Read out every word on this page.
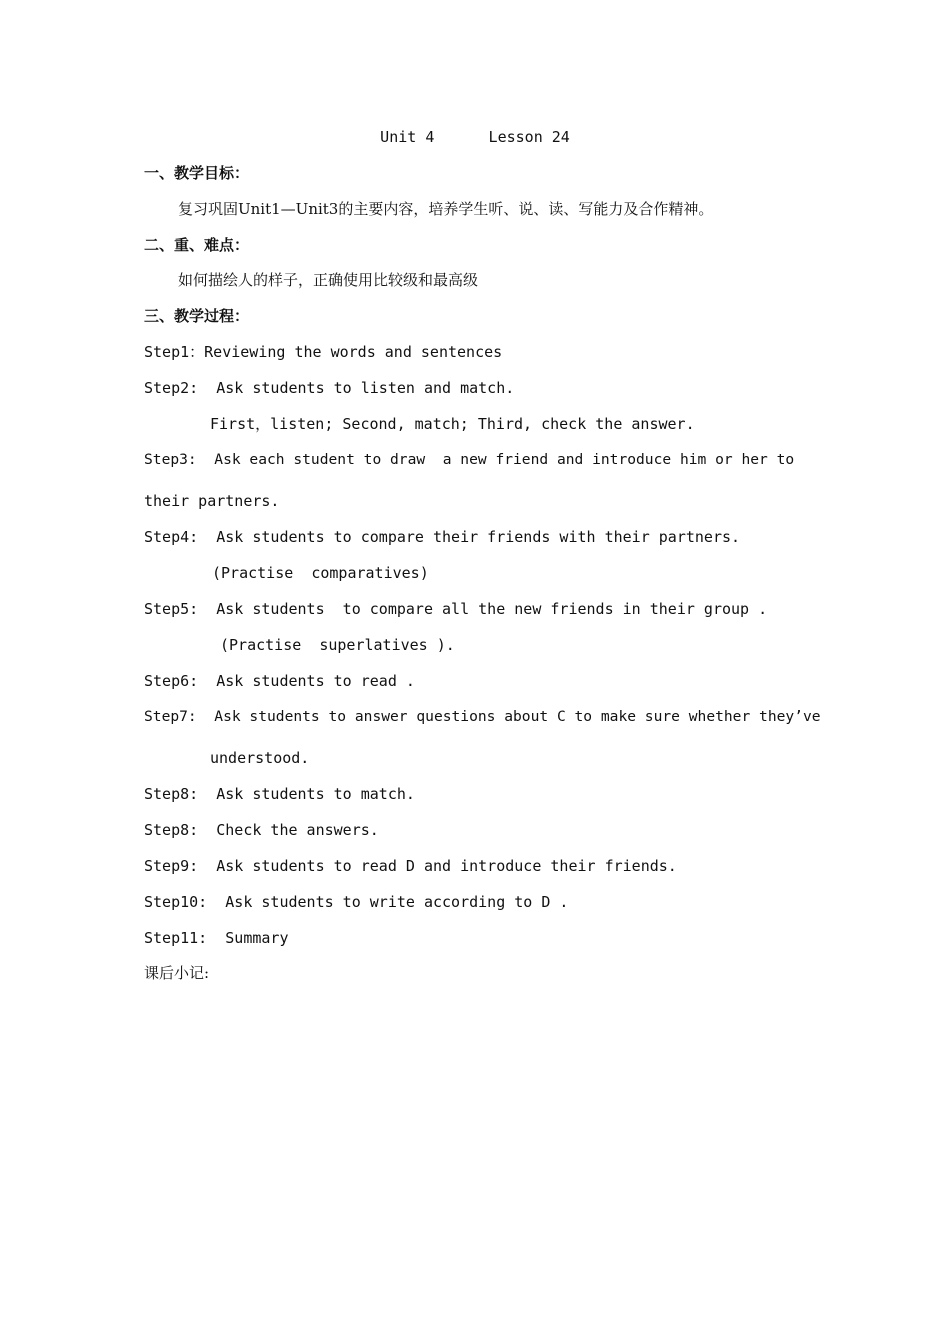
Unit 4      Lesson 24
一、教学目标：
复习巩固Unit1—Unit3的主要内容，培养学生听、说、读、写能力及合作精神。
二、重、难点：
如何描绘人的样子，正确使用比较级和最高级
三、教学过程：
Step1：Reviewing the words and sentences
Step2:  Ask students to listen and match.
First，listen; Second, match; Third, check the answer.
Step3:  Ask each student to draw  a new friend and introduce him or her to
their partners.
Step4:  Ask students to compare their friends with their partners.
(Practise  comparatives)
Step5:  Ask students  to compare all the new friends in their group .
(Practise  superlatives ).
Step6:  Ask students to read .
Step7:  Ask students to answer questions about C to make sure whether they’ve
understood.
Step8:  Ask students to match.
Step8:  Check the answers.
Step9:  Ask students to read D and introduce their friends.
Step10:  Ask students to write according to D .
Step11:  Summary
课后小记:
